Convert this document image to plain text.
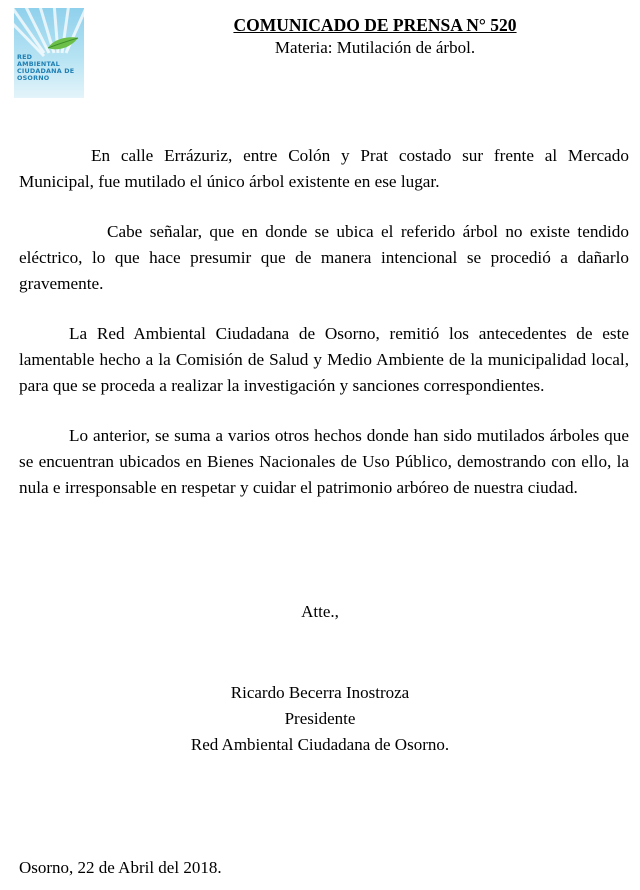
RED
AMBIENTAL
CIUDADANA DE
OSORNO
COMUNICADO DE PRENSA N° 520
Materia: Mutilación de árbol.

En calle Errázuriz, entre Colón y Prat costado sur frente al Mercado Municipal, fue mutilado el único árbol existente en ese lugar.

Cabe señalar, que en donde se ubica el referido árbol no existe tendido eléctrico, lo que hace presumir que de manera intencional se procedió a dañarlo gravemente.

La Red Ambiental Ciudadana de Osorno, remitió los antecedentes de este lamentable hecho a la Comisión de Salud y Medio Ambiente de la municipalidad local, para que se proceda a realizar la investigación y sanciones correspondientes.

Lo anterior, se suma a varios otros hechos donde han sido mutilados árboles que se encuentran ubicados en Bienes Nacionales de Uso Público, demostrando con ello, la nula e irresponsable en respetar y cuidar el patrimonio arbóreo de nuestra ciudad.

Atte.,
Ricardo Becerra Inostroza
Presidente
Red Ambiental Ciudadana de Osorno.
Osorno, 22 de Abril del 2018.
